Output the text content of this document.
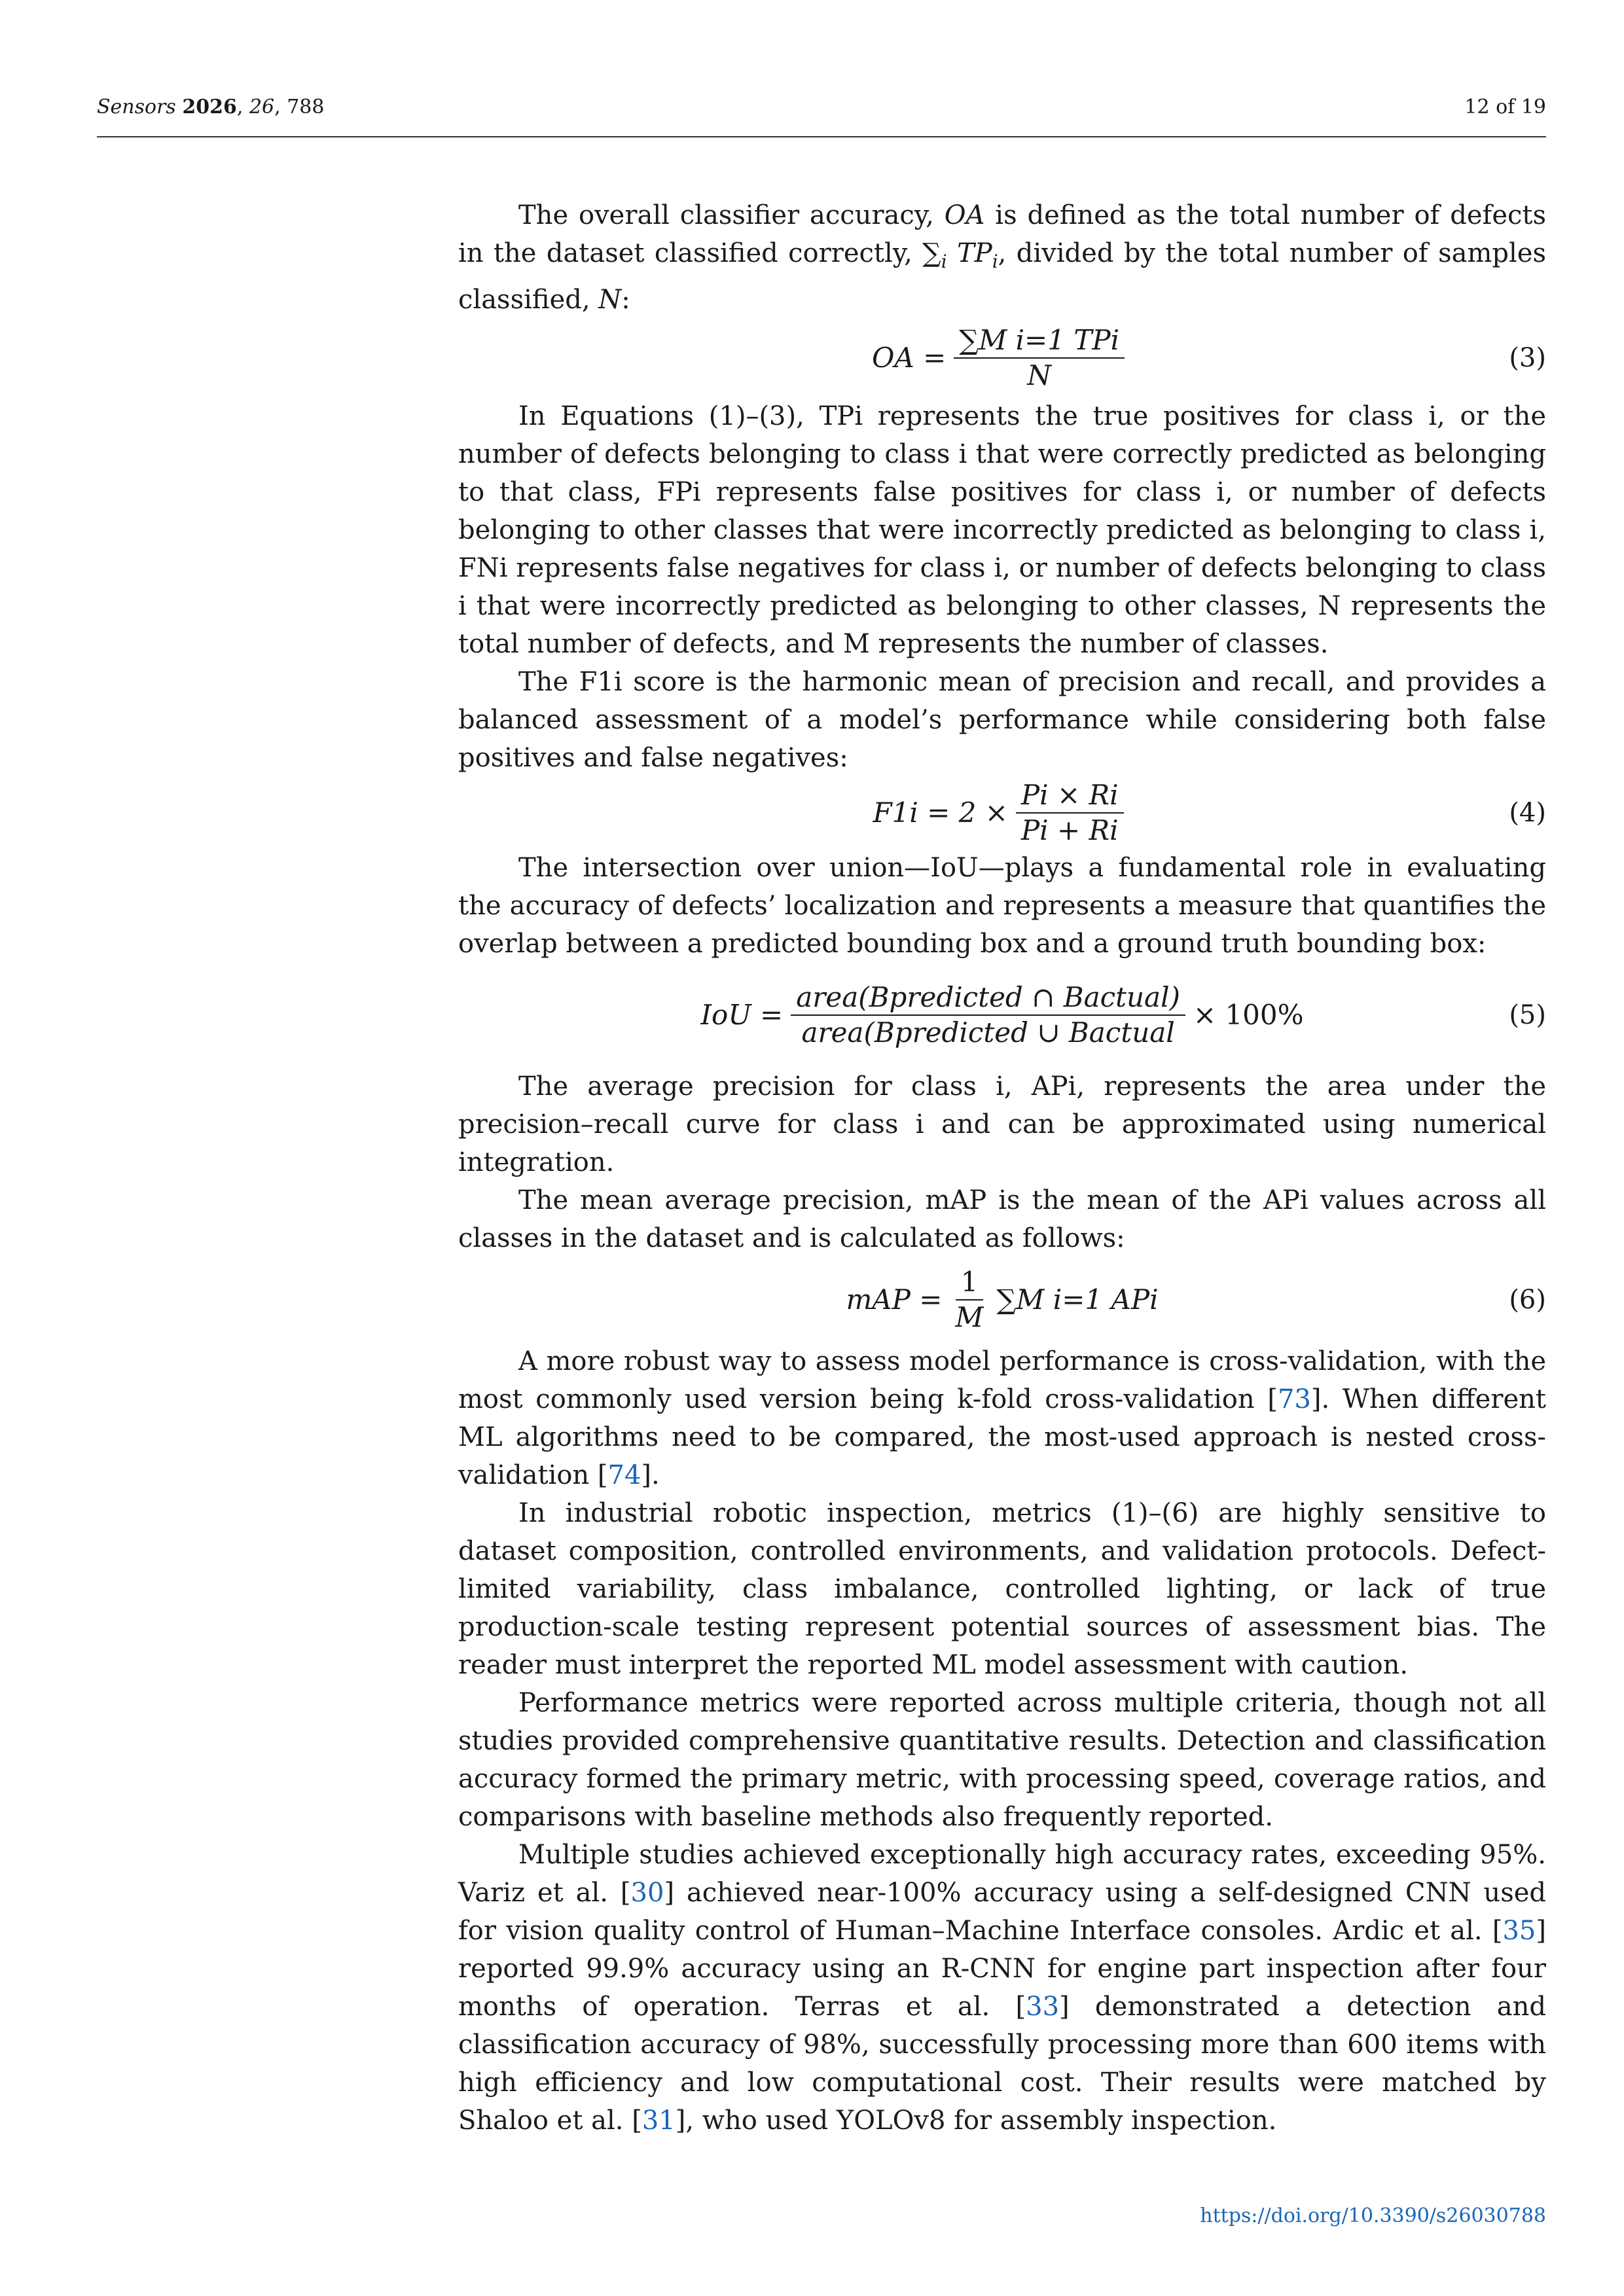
Sensors 2026, 26, 788	12 of 19

The overall classifier accuracy, OA is defined as the total number of defects in the dataset classified correctly, $\sum_i$ $TP_i$, divided by the total number of samples classified, N:

OA = $\frac{\text{∑M i=1 TPi}}{N}$	(3)

In Equations (1)–(3), TPi represents the true positives for class i, or the number of defects belonging to class i that were correctly predicted as belonging to that class, FPi represents false positives for class i, or number of defects belonging to other classes that were incorrectly predicted as belonging to class i, FNi represents false negatives for class i, or number of defects belonging to class i that were incorrectly predicted as belonging to other classes, N represents the total number of defects, and M represents the number of classes.

The F1i score is the harmonic mean of precision and recall, and provides a balanced assessment of a model’s performance while considering both false positives and false negatives:

$F1i = 2 \times \frac{Pi \times Ri}{Pi + Ri}$	(4)

The intersection over union—IoU—plays a fundamental role in evaluating the accuracy of defects’ localization and represents a measure that quantifies the overlap between a predicted bounding box and a ground truth bounding box:

IoU = $\frac{\text{area(Bpredicted ∩ Bactual)}}{\text{area(Bpredicted ∪ Bactual}} \times 100\%$	(5)

The average precision for class i, APi, represents the area under the precision–recall curve for class i and can be approximated using numerical integration.

The mean average precision, mAP is the mean of the APi values across all classes in the dataset and is calculated as follows:

mAP = $\frac{1}{M} \sum M$ i=1 APi	(6)

A more robust way to assess model performance is cross-validation, with the most commonly used version being k-fold cross-validation [73]. When different ML algorithms need to be compared, the most-used approach is nested cross-validation [74].

In industrial robotic inspection, metrics (1)–(6) are highly sensitive to dataset composition, controlled environments, and validation protocols. Defect-limited variability, class imbalance, controlled lighting, or lack of true production-scale testing represent potential sources of assessment bias. The reader must interpret the reported ML model assessment with caution.

Performance metrics were reported across multiple criteria, though not all studies provided comprehensive quantitative results. Detection and classification accuracy formed the primary metric, with processing speed, coverage ratios, and comparisons with baseline methods also frequently reported.

Multiple studies achieved exceptionally high accuracy rates, exceeding 95%. Variz et al. [30] achieved near-100% accuracy using a self-designed CNN used for vision quality control of Human–Machine Interface consoles. Ardic et al. [35] reported 99.9% accuracy using an R-CNN for engine part inspection after four months of operation. Terras et al. [33] demonstrated a detection and classification accuracy of 98%, successfully processing more than 600 items with high efficiency and low computational cost. Their results were matched by Shaloo et al. [31], who used YOLOv8 for assembly inspection.

https://doi.org/10.3390/s26030788
